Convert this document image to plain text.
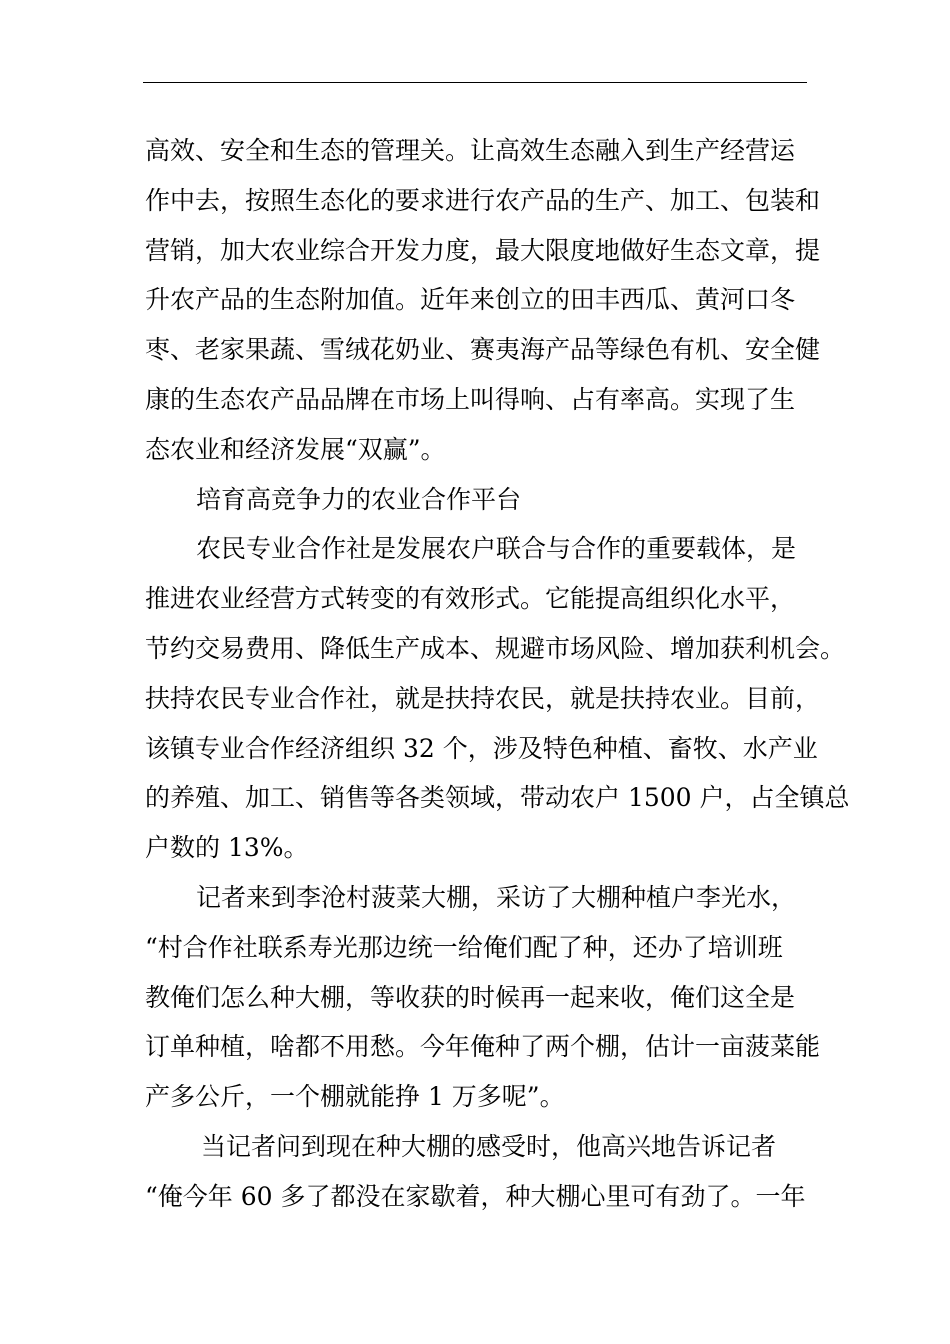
高效、安全和生态的管理关。让高效生态融入到生产经营运
作中去，按照生态化的要求进行农产品的生产、加工、包装和
营销，加大农业综合开发力度，最大限度地做好生态文章，提
升农产品的生态附加值。近年来创立的田丰西瓜、黄河口冬
枣、老家果蔬、雪绒花奶业、赛夷海产品等绿色有机、安全健
康的生态农产品品牌在市场上叫得响、占有率高。实现了生
态农业和经济发展“双赢”。
培育高竞争力的农业合作平台
农民专业合作社是发展农户联合与合作的重要载体，是
推进农业经营方式转变的有效形式。它能提高组织化水平，
节约交易费用、降低生产成本、规避市场风险、增加获利机会。
扶持农民专业合作社，就是扶持农民，就是扶持农业。目前，
该镇专业合作经济组织 32 个，涉及特色种植、畜牧、水产业
的养殖、加工、销售等各类领域，带动农户 1500 户，占全镇总
户数的 13%。
记者来到李沧村菠菜大棚，采访了大棚种植户李光水，
“村合作社联系寿光那边统一给俺们配了种，还办了培训班
教俺们怎么种大棚，等收获的时候再一起来收，俺们这全是
订单种植，啥都不用愁。今年俺种了两个棚，估计一亩菠菜能
产多公斤，一个棚就能挣 1 万多呢”。
当记者问到现在种大棚的感受时，他高兴地告诉记者
“俺今年 60 多了都没在家歇着，种大棚心里可有劲了。一年
